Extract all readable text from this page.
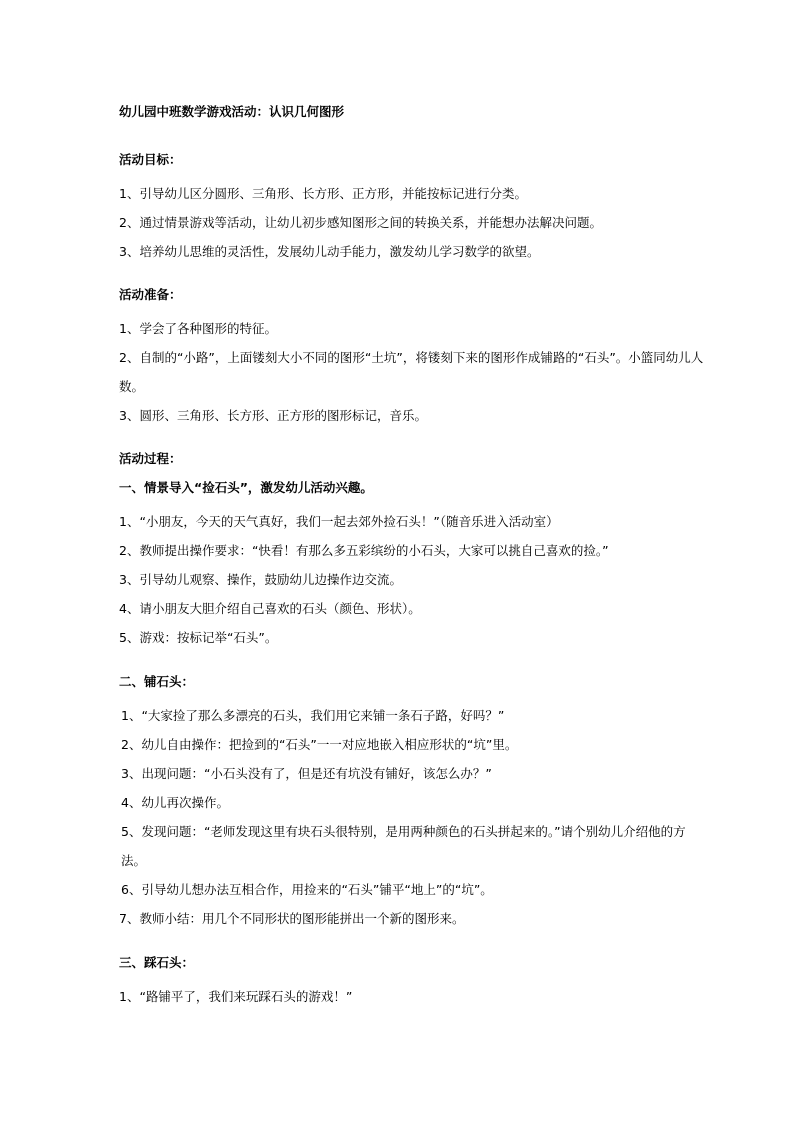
幼儿园中班数学游戏活动：认识几何图形
活动目标：
1、引导幼儿区分圆形、三角形、长方形、正方形，并能按标记进行分类。
2、通过情景游戏等活动，让幼儿初步感知图形之间的转换关系，并能想办法解决问题。
3、培养幼儿思维的灵活性，发展幼儿动手能力，激发幼儿学习数学的欲望。
活动准备：
1、学会了各种图形的特征。
2、自制的“小路”，上面镂刻大小不同的图形“土坑”，将镂刻下来的图形作成铺路的“石头”。小篮同幼儿人数。
3、圆形、三角形、长方形、正方形的图形标记，音乐。
活动过程：
一、情景导入“捡石头”，激发幼儿活动兴趣。
1、“小朋友，今天的天气真好，我们一起去郊外捡石头！”（随音乐进入活动室）
2、教师提出操作要求：“快看！有那么多五彩缤纷的小石头，大家可以挑自己喜欢的捡。”
3、引导幼儿观察、操作，鼓励幼儿边操作边交流。
4、请小朋友大胆介绍自己喜欢的石头（颜色、形状）。
5、游戏：按标记举“石头”。
二、铺石头：
1、“大家捡了那么多漂亮的石头，我们用它来铺一条石子路，好吗？”
2、幼儿自由操作：把捡到的“石头”一一对应地嵌入相应形状的“坑”里。
3、出现问题：“小石头没有了，但是还有坑没有铺好，该怎么办？”
4、幼儿再次操作。
5、发现问题：“老师发现这里有块石头很特别，是用两种颜色的石头拼起来的。”请个别幼儿介绍他的方法。
6、引导幼儿想办法互相合作，用捡来的“石头”铺平“地上”的“坑”。
7、教师小结：用几个不同形状的图形能拼出一个新的图形来。
三、踩石头：
1、“路铺平了，我们来玩踩石头的游戏！”
